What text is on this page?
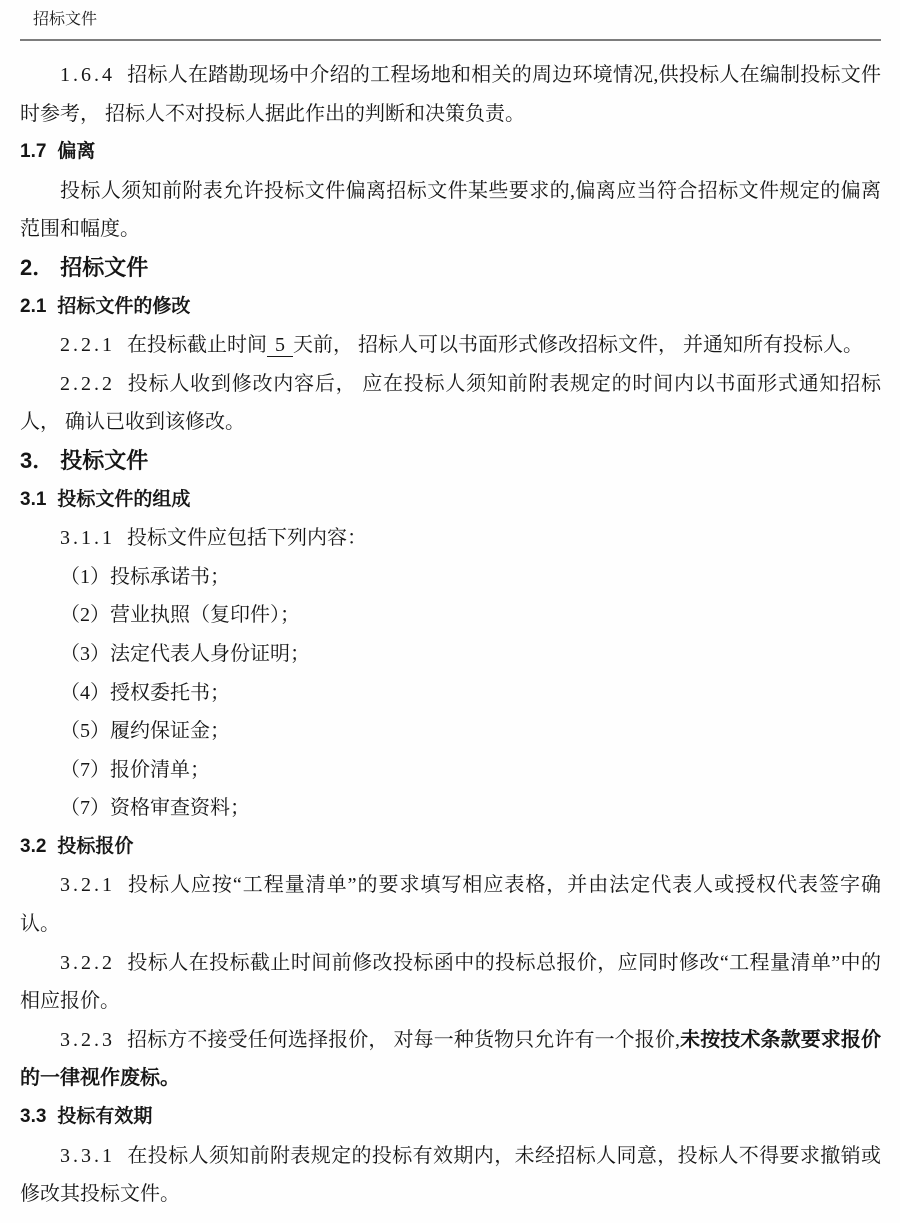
招标文件

1.6.4 招标人在踏勘现场中介绍的工程场地和相关的周边环境情况,供投标人在编制投标文件时参考， 招标人不对投标人据此作出的判断和决策负责。

1.7 偏离

投标人须知前附表允许投标文件偏离招标文件某些要求的,偏离应当符合招标文件规定的偏离范围和幅度。

2． 招标文件

2.1 招标文件的修改

2.2.1 在投标截止时间 5 天前， 招标人可以书面形式修改招标文件， 并通知所有投标人。

2.2.2 投标人收到修改内容后， 应在投标人须知前附表规定的时间内以书面形式通知招标人， 确认已收到该修改。

3． 投标文件

3.1 投标文件的组成

3.1.1 投标文件应包括下列内容：

（1）投标承诺书；

（2）营业执照（复印件）；

（3）法定代表人身份证明；

（4）授权委托书；

（5）履约保证金；

（7）报价清单；

（7）资格审查资料；

3.2 投标报价

3.2.1 投标人应按“工程量清单”的要求填写相应表格，并由法定代表人或授权代表签字确认。

3.2.2 投标人在投标截止时间前修改投标函中的投标总报价，应同时修改“工程量清单”中的相应报价。

3.2.3 招标方不接受任何选择报价， 对每一种货物只允许有一个报价,未按技术条款要求报价的一律视作废标。

3.3 投标有效期

3.3.1 在投标人须知前附表规定的投标有效期内，未经招标人同意，投标人不得要求撤销或修改其投标文件。
